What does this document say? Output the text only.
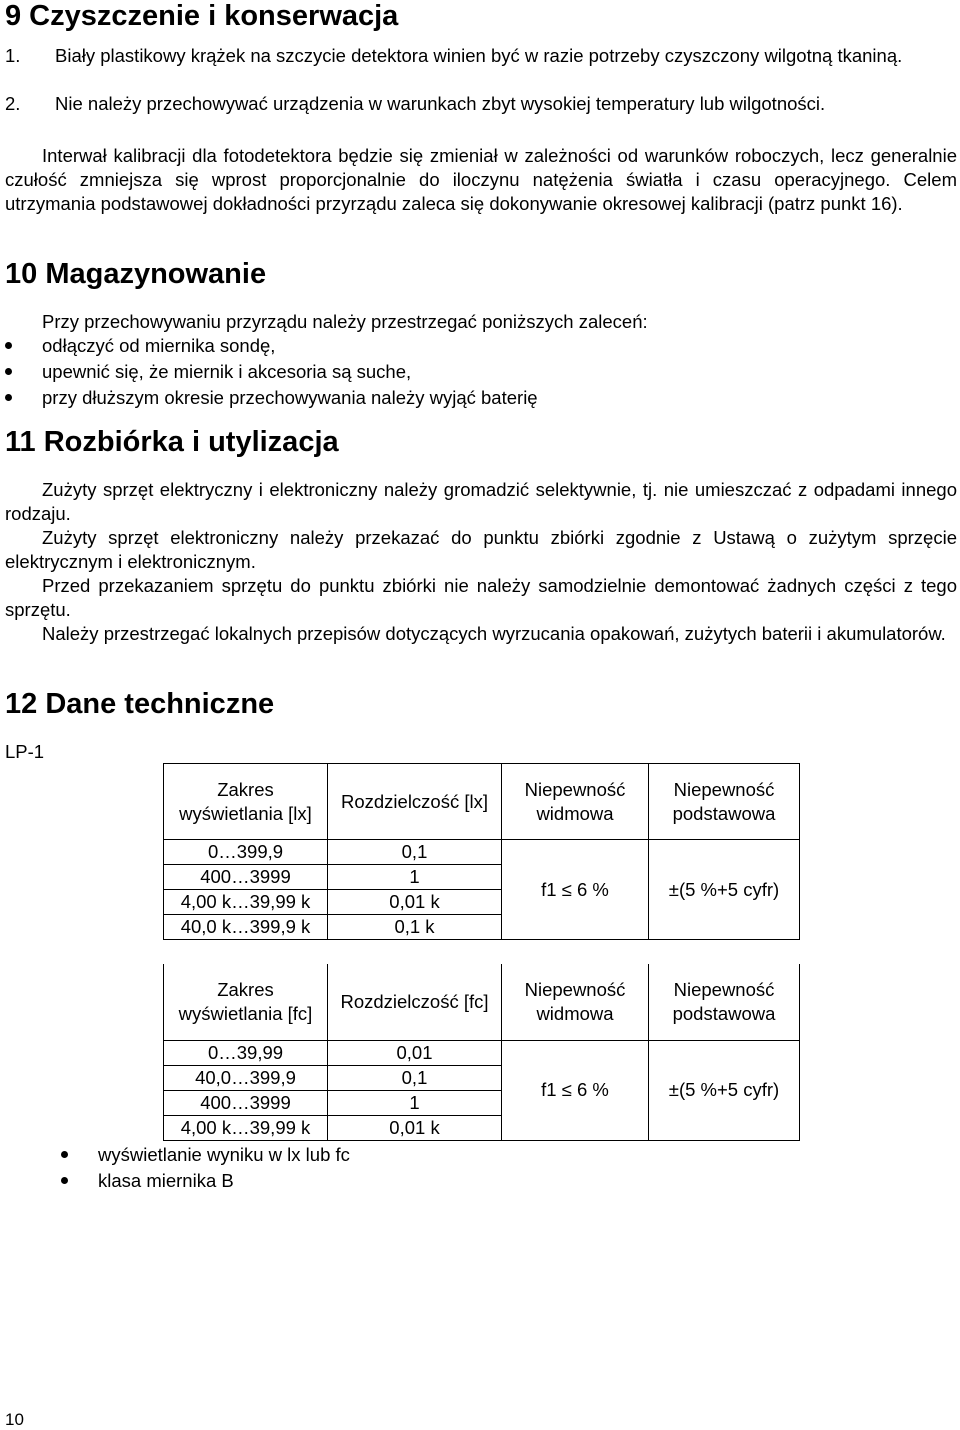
9 Czyszczenie i konserwacja
1. Biały plastikowy krążek na szczycie detektora winien być w razie potrzeby czyszczony wilgotną tkaniną.
2. Nie należy przechowywać urządzenia w warunkach zbyt wysokiej temperatury lub wilgotności.
Interwał kalibracji dla fotodetektora będzie się zmieniał w zależności od warunków roboczych, lecz generalnie czułość zmniejsza się wprost proporcjonalnie do iloczynu natężenia światła i czasu operacyjnego. Celem utrzymania podstawowej dokładności przyrządu zaleca się dokonywanie okresowej kalibracji (patrz punkt 16).
10 Magazynowanie
Przy przechowywaniu przyrządu należy przestrzegać poniższych zaleceń:
odłączyć od miernika sondę,
upewnić się, że miernik i akcesoria są suche,
przy dłuższym okresie przechowywania należy wyjąć baterię
11 Rozbiórka i utylizacja
Zużyty sprzęt elektryczny i elektroniczny należy gromadzić selektywnie, tj. nie umieszczać z odpadami innego rodzaju.
Zużyty sprzęt elektroniczny należy przekazać do punktu zbiórki zgodnie z Ustawą o zużytym sprzęcie elektrycznym i elektronicznym.
Przed przekazaniem sprzętu do punktu zbiórki nie należy samodzielnie demontować żadnych części z tego sprzętu.
Należy przestrzegać lokalnych przepisów dotyczących wyrzucania opakowań, zużytych baterii i akumulatorów.
12 Dane techniczne
LP-1
Zakres wyświetlania [lx]	Rozdzielczość [lx]	Niepewność widmowa	Niepewność podstawowa
0…399,9	0,1	f1 ≤ 6 %	±(5 %+5 cyfr)
400…3999	1		
4,00 k…39,99 k	0,01 k		
40,0 k…399,9 k	0,1 k		
Zakres wyświetlania [fc]	Rozdzielczość [fc]	Niepewność widmowa	Niepewność podstawowa
0…39,99	0,01	f1 ≤ 6 %	±(5 %+5 cyfr)
40,0…399,9	0,1		
400…3999	1		
4,00 k…39,99 k	0,01 k		
wyświetlanie wyniku w lx lub fc
klasa miernika B
10
